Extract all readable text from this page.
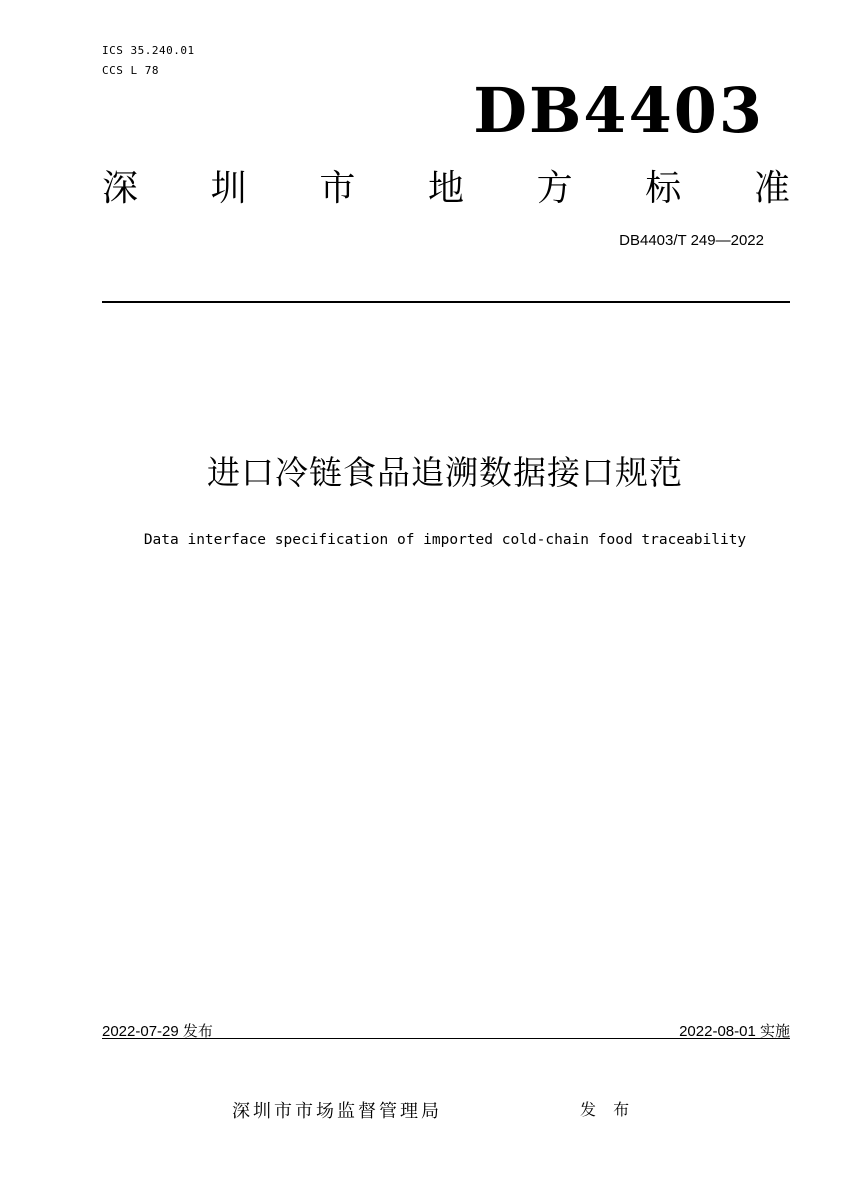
ICS 35.240.01
CCS L 78
DB4403
深 圳 市 地 方 标 准
DB4403/T 249—2022
进口冷链食品追溯数据接口规范
Data interface specification of imported cold-chain food traceability
2022-07-29 发布	2022-08-01 实施
深圳市市场监督管理局	发 布
